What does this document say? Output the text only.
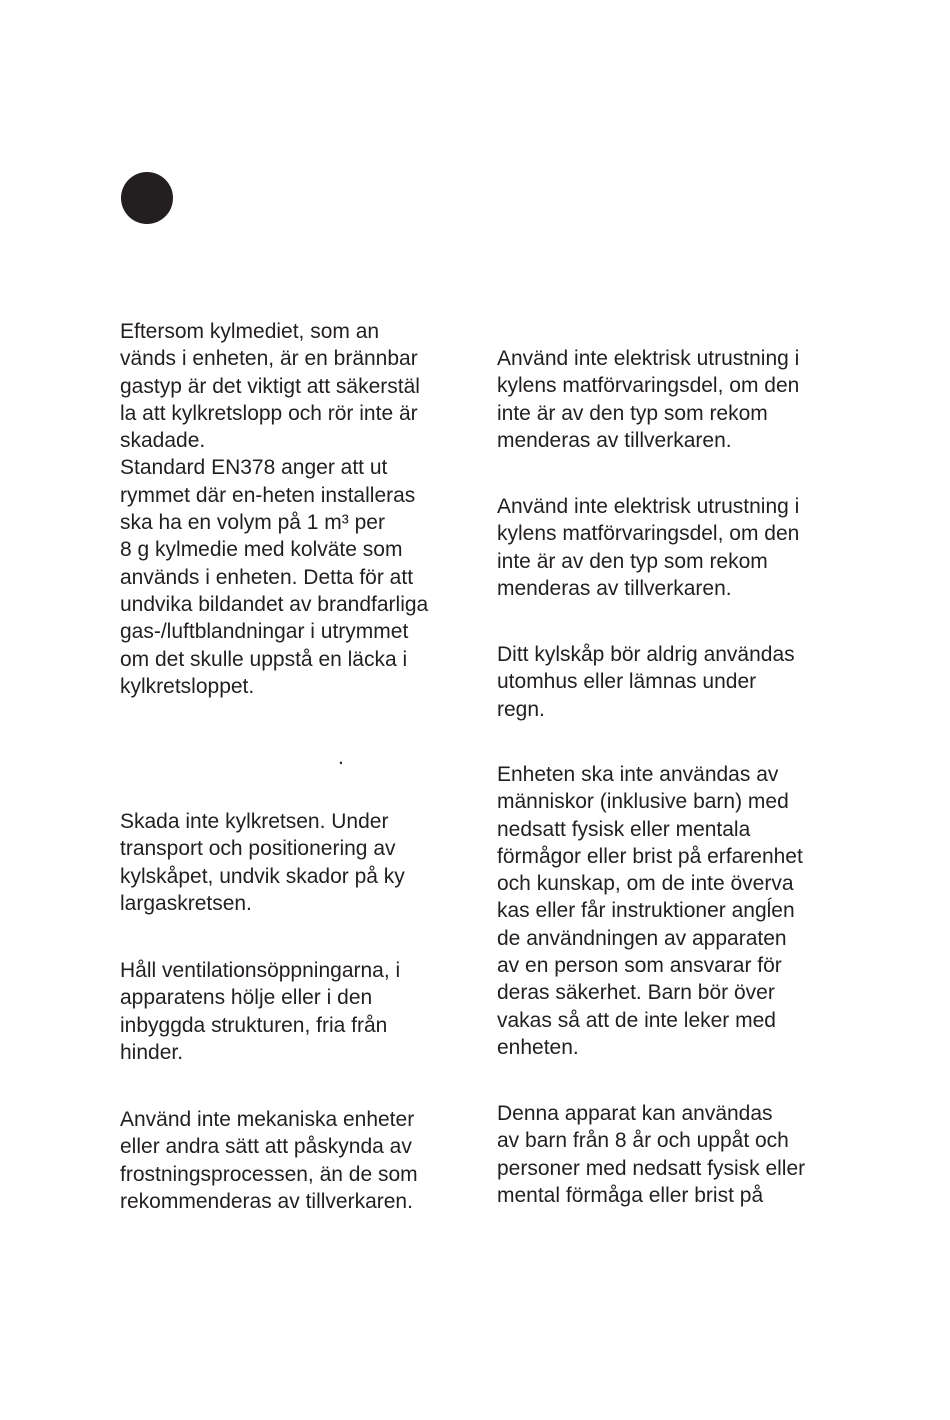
Eftersom kylmediet, som an
vänds i enheten, är en brännbar
gastyp är det viktigt att säkerstäl
la att kylkretslopp och rör inte är
skadade.
Standard EN378 anger att ut
rymmet där en-heten installeras
ska ha en volym på 1 m³ per
8 g kylmedie med kolväte som
används i enheten. Detta för att
undvika bildandet av brandfarliga
gas-/luftblandningar i utrymmet
om det skulle uppstå en läcka i
kylkretsloppet.

.

Skada inte kylkretsen. Under
transport och positionering av
kylskåpet, undvik skador på ky
largaskretsen.

Håll ventilationsöppningarna, i
apparatens hölje eller i den
inbyggda strukturen, fria från
hinder.

Använd inte mekaniska enheter
eller andra sätt att påskynda av
frostningsprocessen, än de som
rekommenderas av tillverkaren.

Använd inte elektrisk utrustning i
kylens matförvaringsdel, om den
inte är av den typ som rekom
menderas av tillverkaren.

Använd inte elektrisk utrustning i
kylens matförvaringsdel, om den
inte är av den typ som rekom
menderas av tillverkaren.

Ditt kylskåp bör aldrig användas
utomhus eller lämnas under
regn.

Enheten ska inte användas av
människor (inklusive barn) med
nedsatt fysisk eller mentala
förmågor eller brist på erfarenhet
och kunskap, om de inte överva
kas eller får instruktioner angĺen
de användningen av apparaten
av en person som ansvarar för
deras säkerhet. Barn bör över
vakas så att de inte leker med
enheten.

Denna apparat kan användas
av barn från 8 år och uppåt och
personer med nedsatt fysisk eller
mental förmåga eller brist på
